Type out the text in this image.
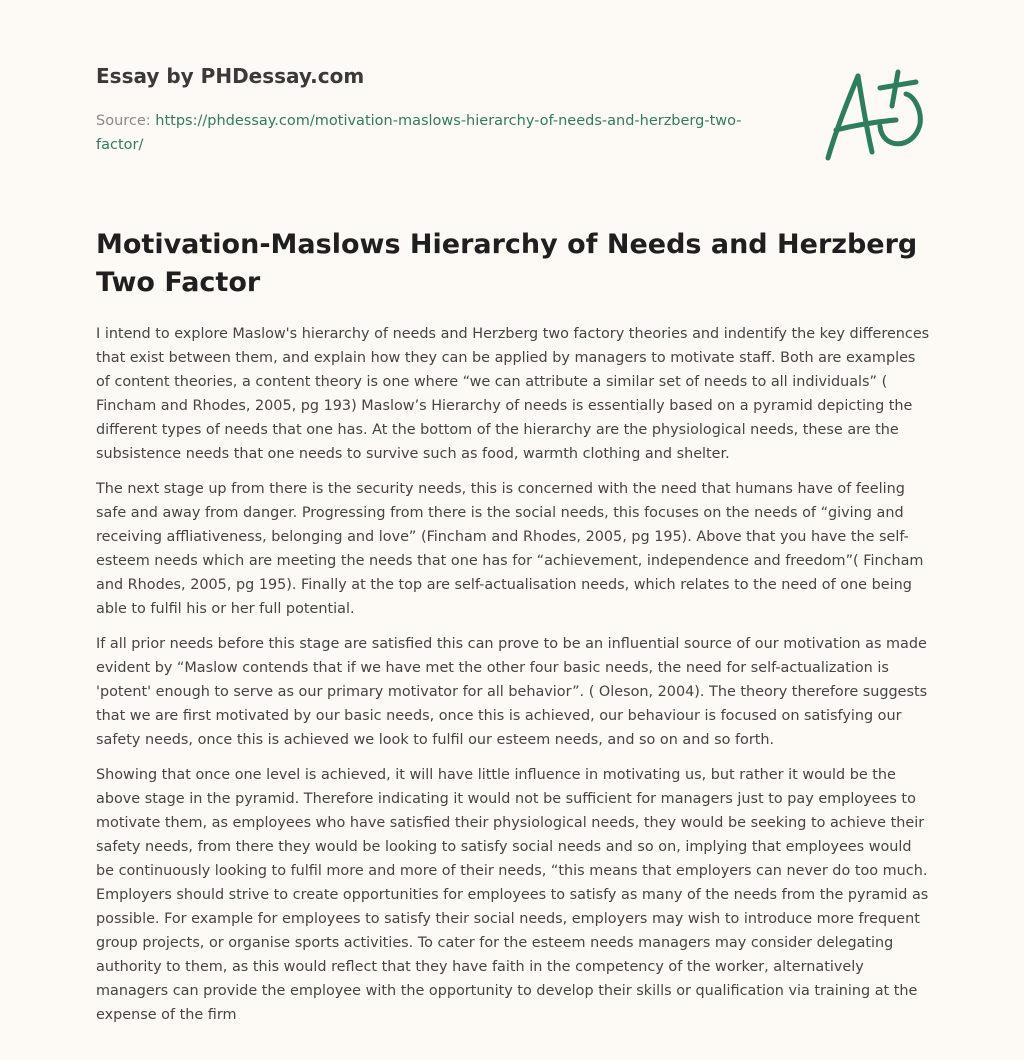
Essay by PHDessay.com
Source: https://phdessay.com/motivation-maslows-hierarchy-of-needs-and-herzberg-two-factor/
Motivation-Maslows Hierarchy of Needs and Herzberg Two Factor

I intend to explore Maslow's hierarchy of needs and Herzberg two factory theories and indentify the key differences that exist between them, and explain how they can be applied by managers to motivate staff. Both are examples of content theories, a content theory is one where “we can attribute a similar set of needs to all individuals” ( Fincham and Rhodes, 2005, pg 193) Maslow’s Hierarchy of needs is essentially based on a pyramid depicting the different types of needs that one has. At the bottom of the hierarchy are the physiological needs, these are the subsistence needs that one needs to survive such as food, warmth clothing and shelter.

The next stage up from there is the security needs, this is concerned with the need that humans have of feeling safe and away from danger. Progressing from there is the social needs, this focuses on the needs of “giving and receiving affliativeness, belonging and love” (Fincham and Rhodes, 2005, pg 195). Above that you have the self-esteem needs which are meeting the needs that one has for “achievement, independence and freedom”( Fincham and Rhodes, 2005, pg 195). Finally at the top are self-actualisation needs, which relates to the need of one being able to fulfil his or her full potential.

If all prior needs before this stage are satisfied this can prove to be an influential source of our motivation as made evident by “Maslow contends that if we have met the other four basic needs, the need for self-actualization is 'potent' enough to serve as our primary motivator for all behavior”. ( Oleson, 2004). The theory therefore suggests that we are first motivated by our basic needs, once this is achieved, our behaviour is focused on satisfying our safety needs, once this is achieved we look to fulfil our esteem needs, and so on and so forth.

Showing that once one level is achieved, it will have little influence in motivating us, but rather it would be the above stage in the pyramid. Therefore indicating it would not be sufficient for managers just to pay employees to motivate them, as employees who have satisfied their physiological needs, they would be seeking to achieve their safety needs, from there they would be looking to satisfy social needs and so on, implying that employees would be continuously looking to fulfil more and more of their needs, “this means that employers can never do too much. Employers should strive to create opportunities for employees to satisfy as many of the needs from the pyramid as possible. For example for employees to satisfy their social needs, employers may wish to introduce more frequent group projects, or organise sports activities. To cater for the esteem needs managers may consider delegating authority to them, as this would reflect that they have faith in the competency of the worker, alternatively managers can provide the employee with the opportunity to develop their skills or qualification via training at the expense of the firm
